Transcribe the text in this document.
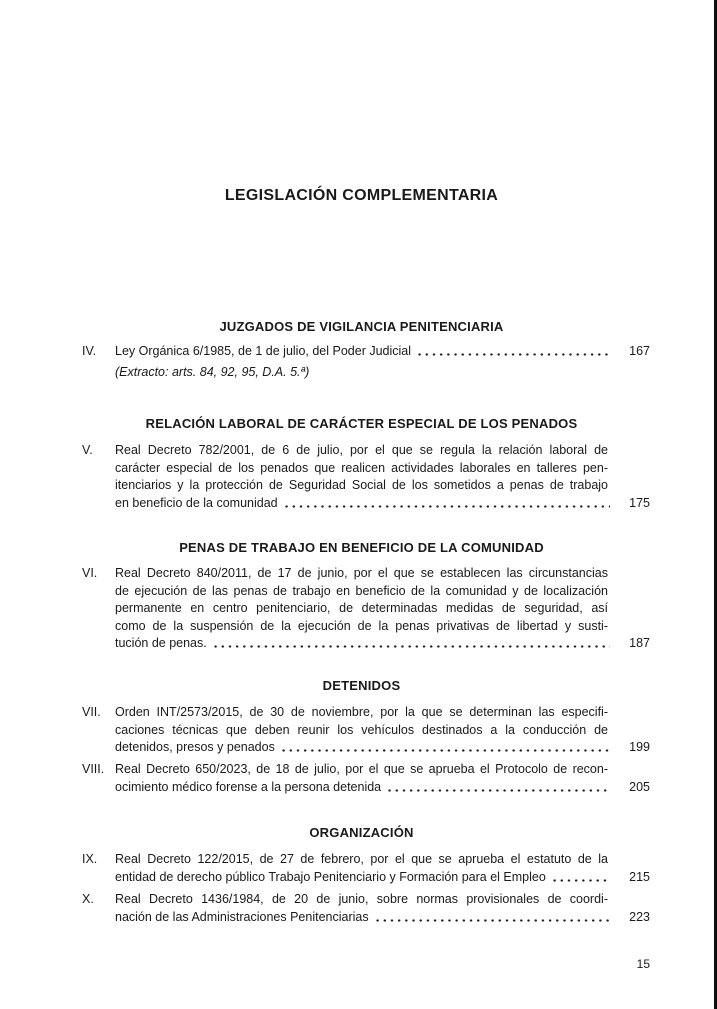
LEGISLACIÓN COMPLEMENTARIA
JUZGADOS DE VIGILANCIA PENITENCIARIA
IV. Ley Orgánica 6/1985, de 1 de julio, del Poder Judicial	167
(Extracto: arts. 84, 92, 95, D.A. 5.ª)
RELACIÓN LABORAL DE CARÁCTER ESPECIAL DE LOS PENADOS
V. Real Decreto 782/2001, de 6 de julio, por el que se regula la relación laboral de
carácter especial de los penados que realicen actividades laborales en talleres pen-
itenciarios y la protección de Seguridad Social de los sometidos a penas de trabajo
en beneficio de la comunidad	175
PENAS DE TRABAJO EN BENEFICIO DE LA COMUNIDAD
VI. Real Decreto 840/2011, de 17 de junio, por el que se establecen las circunstancias
de ejecución de las penas de trabajo en beneficio de la comunidad y de localización
permanente en centro penitenciario, de determinadas medidas de seguridad, así
como de la suspensión de la ejecución de la penas privativas de libertad y susti-
tución de penas.	187
DETENIDOS
VII. Orden INT/2573/2015, de 30 de noviembre, por la que se determinan las especifi-
caciones técnicas que deben reunir los vehículos destinados a la conducción de
detenidos, presos y penados	199
VIII. Real Decreto 650/2023, de 18 de julio, por el que se aprueba el Protocolo de recon-
ocimiento médico forense a la persona detenida	205
ORGANIZACIÓN
IX. Real Decreto 122/2015, de 27 de febrero, por el que se aprueba el estatuto de la
entidad de derecho público Trabajo Penitenciario y Formación para el Empleo	215
X. Real Decreto 1436/1984, de 20 de junio, sobre normas provisionales de coordi-
nación de las Administraciones Penitenciarias	223
15
